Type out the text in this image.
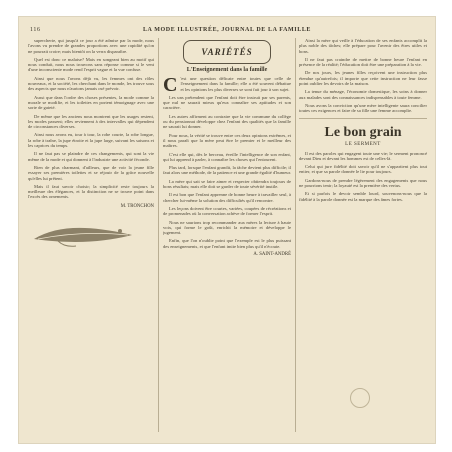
116	LA MODE ILLUSTRÉE, JOURNAL DE LA FAMILLE

supercherie, qui jusqu'à ce jour a été admise par la mode, nous l'avons vu prendre de grandes proportions avec une rapidité qu'on ne pourrait croire; mais bientôt on la verra disparaître.

Quel est donc ce malaise? Mais en songeant bien au motif qui nous conduit, nous nous trouvons sans réponse comme si le vent d'une inconsciente mode rend l'esprit vague et la vue confuse.

Ainsi que nous l'avons déjà vu, les femmes ont des rôles nouveaux, et la société, les cherchant dans le monde, les trouve sous des aspects que nous n'aurions jamais osé prévoir.

Aussi que dans l'ordre des choses présentes, la mode comme la morale se modifie, et les toilettes en portent témoignage avec une sorte de gaieté.

De même que les anciens nous montrent que les usages restent, les modes passent; elles reviennent à des intervalles qui dépendent de circonstances diverses.

Ainsi nous avons eu, tour à tour, la robe courte, la robe longue, la robe à traîne, la jupe étroite et la jupe large, suivant les saisons et les caprices du temps.

Il ne faut pas se plaindre de ces changements, qui sont la vie même de la mode et qui donnent à l'industrie une activité féconde.

Rien de plus charmant, d'ailleurs, que de voir la jeune fille essayer ses premières toilettes et se réjouir de la grâce nouvelle qu'elles lui prêtent.

Mais il faut savoir choisir; la simplicité reste toujours la meilleure des élégances, et la distinction ne se trouve point dans l'excès des ornements.

M. TRONCHON
VARIÉTÉS
L'Enseignement dans la famille
C 'est une question délicate entre toutes que celle de l'enseignement dans la famille; elle a été souvent débattue et les opinions les plus diverses se sont fait jour à son sujet.

Les uns prétendent que l'enfant doit être instruit par ses parents, que nul ne saurait mieux qu'eux connaître ses aptitudes et son caractère.

Les autres affirment au contraire que la vie commune du collège ou du pensionnat développe chez l'enfant des qualités que la famille ne saurait lui donner.

Pour nous, la vérité se trouve entre ces deux opinions extrêmes, et il nous paraît que la mère peut être le premier et le meilleur des maîtres.

C'est elle qui, dès le berceau, éveille l'intelligence de son enfant, qui lui apprend à parler, à connaître les choses qui l'entourent.

Plus tard, lorsque l'enfant grandit, la tâche devient plus difficile; il faut alors une méthode, de la patience et une grande égalité d'humeur.

La mère qui sait se faire aimer et respecter obtiendra toujours de bons résultats; mais elle doit se garder de toute sévérité inutile.

Il est bon que l'enfant apprenne de bonne heure à travailler seul, à chercher lui-même la solution des difficultés qu'il rencontre.

Les leçons doivent être courtes, variées, coupées de récréations et de promenades où la conversation achève de former l'esprit.

Nous ne saurions trop recommander aux mères la lecture à haute voix, qui forme le goût, enrichit la mémoire et développe le jugement.

Enfin, que l'on n'oublie point que l'exemple est le plus puissant des enseignements, et que l'enfant imite bien plus qu'il n'écoute.

A. SAINT-ANDRÉ

Ainsi la mère qui veille à l'éducation de ses enfants accomplit la plus noble des tâches; elle prépare pour l'avenir des êtres utiles et bons.

Il ne faut pas craindre de mettre de bonne heure l'enfant en présence de la réalité; l'éducation doit être une préparation à la vie.

De nos jours, les jeunes filles reçoivent une instruction plus étendue qu'autrefois; il importe que cette instruction ne leur fasse point oublier les devoirs de la maison.

La tenue du ménage, l'économie domestique, les soins à donner aux malades sont des connaissances indispensables à toute femme.

Nous avons la conviction qu'une mère intelligente saura concilier toutes ces exigences et faire de sa fille une femme accomplie.

Le bon grain
LE SERMENT

Il est des paroles qui engagent toute une vie; le serment prononcé devant Dieu et devant les hommes est de celles-là.

Celui qui jure fidélité doit savoir qu'il ne s'appartient plus tout entier, et que sa parole donnée le lie pour toujours.

Gardons-nous de prendre légèrement des engagements que nous ne pourrions tenir; la loyauté est la première des vertus.

Et si parfois le devoir semble lourd, souvenons-nous que la fidélité à la parole donnée est la marque des âmes fortes.
